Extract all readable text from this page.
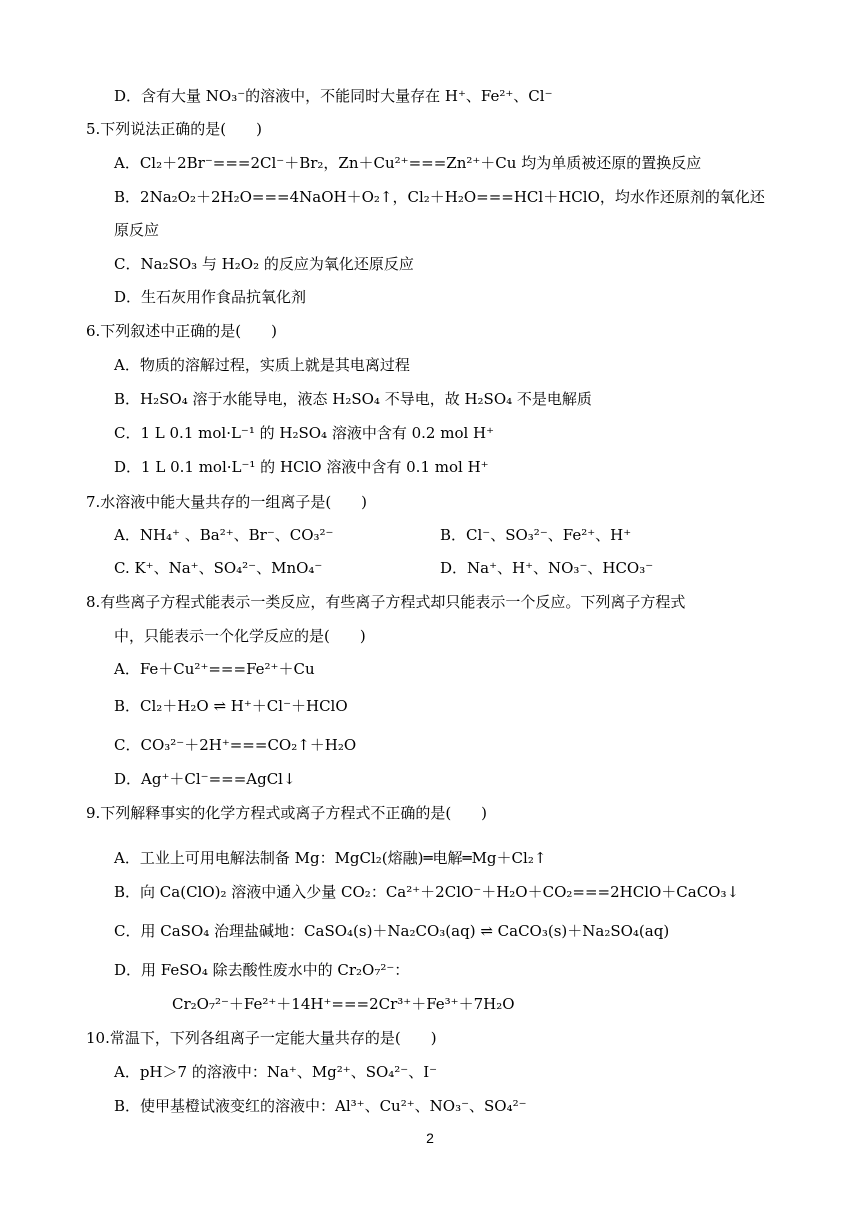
D．含有大量 NO₃⁻的溶液中，不能同时大量存在 H⁺、Fe²⁺、Cl⁻
5.下列说法正确的是(　　)
A．Cl₂＋2Br⁻===2Cl⁻＋Br₂，Zn＋Cu²⁺===Zn²⁺＋Cu 均为单质被还原的置换反应
B．2Na₂O₂＋2H₂O===4NaOH＋O₂↑，Cl₂＋H₂O===HCl＋HClO，均水作还原剂的氧化还
原反应
C．Na₂SO₃ 与 H₂O₂ 的反应为氧化还原反应
D．生石灰用作食品抗氧化剂
6.下列叙述中正确的是(　　)
A．物质的溶解过程，实质上就是其电离过程
B．H₂SO₄ 溶于水能导电，液态 H₂SO₄ 不导电，故 H₂SO₄ 不是电解质
C．1 L 0.1 mol·L⁻¹ 的 H₂SO₄ 溶液中含有 0.2 mol H⁺
D．1 L 0.1 mol·L⁻¹ 的 HClO 溶液中含有 0.1 mol H⁺
7.水溶液中能大量共存的一组离子是(　　)
A．NH₄⁺ 、Ba²⁺、Br⁻、CO₃²⁻	B．Cl⁻、SO₃²⁻、Fe²⁺、H⁺
C. K⁺、Na⁺、SO₄²⁻、MnO₄⁻	D．Na⁺、H⁺、NO₃⁻、HCO₃⁻
8.有些离子方程式能表示一类反应，有些离子方程式却只能表示一个反应。下列离子方程式
中，只能表示一个化学反应的是(　　)
A．Fe＋Cu²⁺===Fe²⁺＋Cu
B．Cl₂＋H₂O ⇌ H⁺＋Cl⁻＋HClO
C．CO₃²⁻＋2H⁺===CO₂↑＋H₂O
D．Ag⁺＋Cl⁻===AgCl↓
9.下列解释事实的化学方程式或离子方程式不正确的是(　　)
A．工业上可用电解法制备 Mg：MgCl₂(熔融)═电解═Mg＋Cl₂↑
B．向 Ca(ClO)₂ 溶液中通入少量 CO₂：Ca²⁺＋2ClO⁻＋H₂O＋CO₂===2HClO＋CaCO₃↓
C．用 CaSO₄ 治理盐碱地：CaSO₄(s)＋Na₂CO₃(aq) ⇌ CaCO₃(s)＋Na₂SO₄(aq)
D．用 FeSO₄ 除去酸性废水中的 Cr₂O₇²⁻：
Cr₂O₇²⁻＋Fe²⁺＋14H⁺===2Cr³⁺＋Fe³⁺＋7H₂O
10.常温下，下列各组离子一定能大量共存的是(　　)
A．pH＞7 的溶液中：Na⁺、Mg²⁺、SO₄²⁻、I⁻
B．使甲基橙试液变红的溶液中：Al³⁺、Cu²⁺、NO₃⁻、SO₄²⁻
2
